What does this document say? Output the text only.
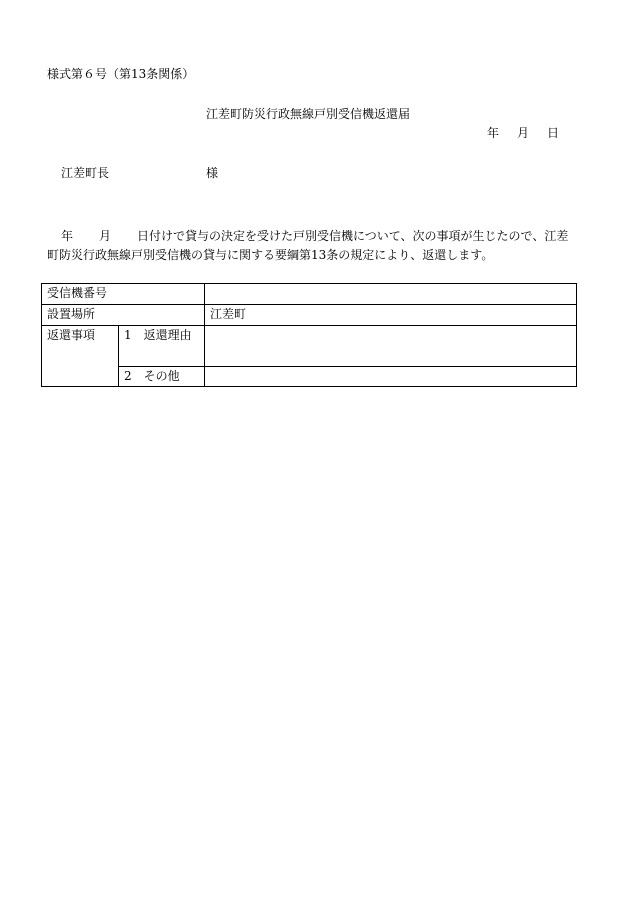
様式第６号（第13条関係）
江差町防災行政無線戸別受信機返還届
年 月 日
江差町長	様
年 月 日付けで貸与の決定を受けた戸別受信機について、次の事項が生じたので、江差町防災行政無線戸別受信機の貸与に関する要綱第13条の規定により、返還します。
受信機番号		
設置場所		江差町
返還事項	1　返還理由	
	2　その他	
